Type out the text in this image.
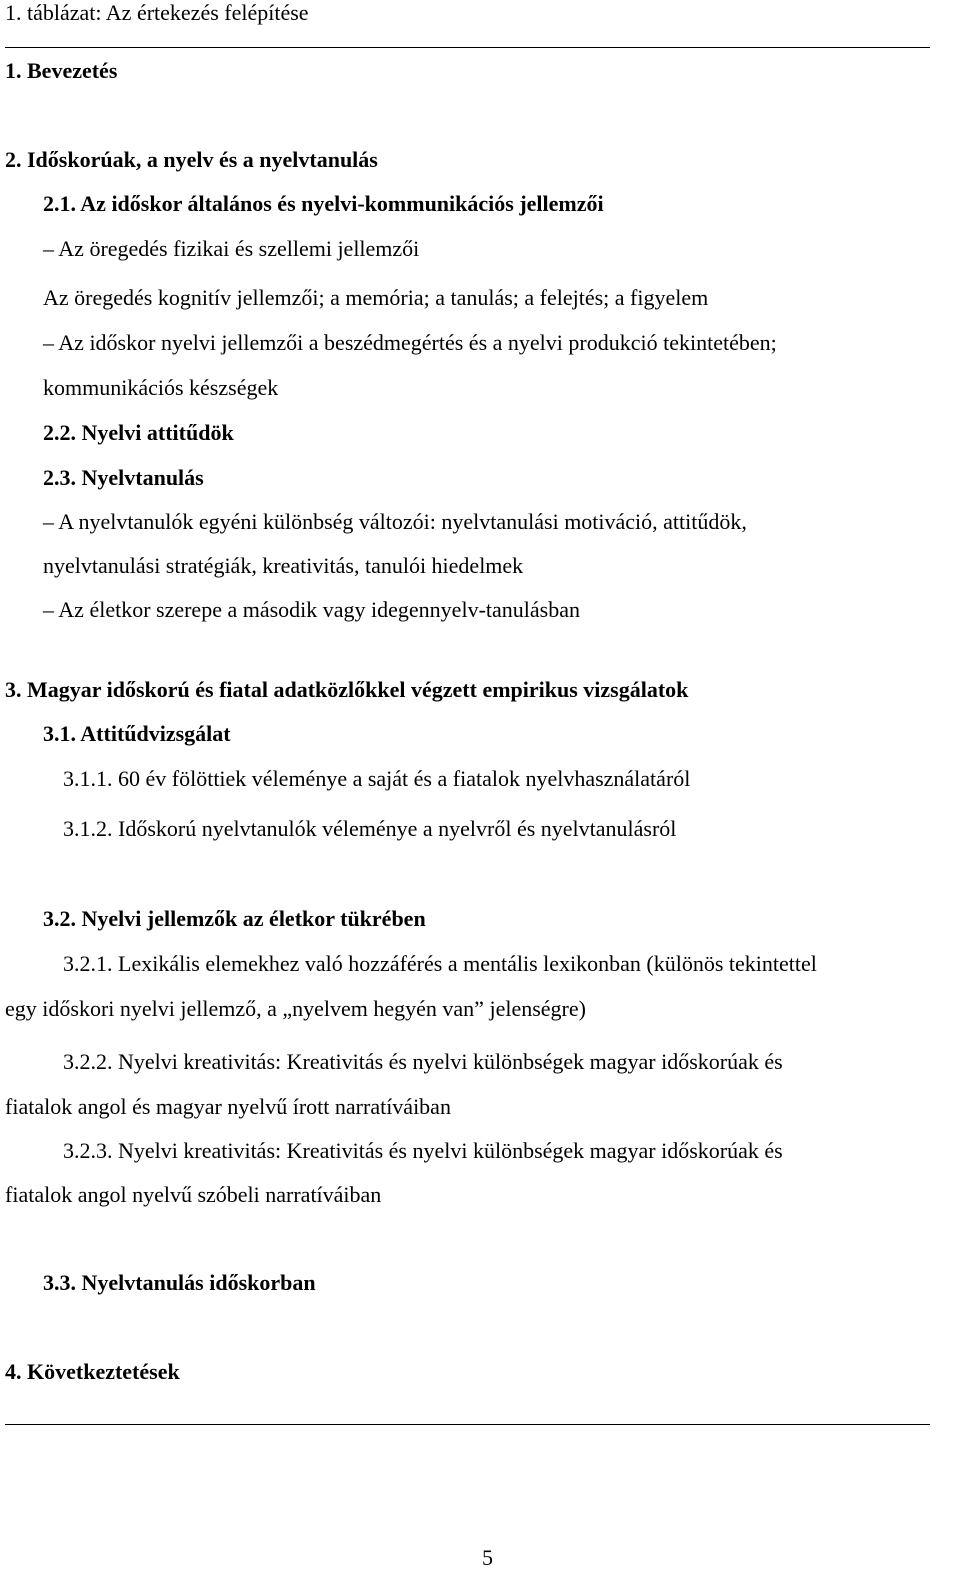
1. táblázat: Az értekezés felépítése
1. Bevezetés
2. Időskorúak, a nyelv és a nyelvtanulás
2.1. Az időskor általános és nyelvi-kommunikációs jellemzői
– Az öregedés fizikai és szellemi jellemzői
Az öregedés kognitív jellemzői; a memória; a tanulás; a felejtés; a figyelem
– Az időskor nyelvi jellemzői a beszédmegértés és a nyelvi produkció tekintetében;
kommunikációs készségek
2.2. Nyelvi attitűdök
2.3. Nyelvtanulás
– A nyelvtanulók egyéni különbség változói: nyelvtanulási motiváció, attitűdök,
nyelvtanulási stratégiák, kreativitás, tanulói hiedelmek
– Az életkor szerepe a második vagy idegennyelv-tanulásban
3. Magyar időskorú és fiatal adatközlőkkel végzett empirikus vizsgálatok
3.1. Attitűdvizsgálat
3.1.1. 60 év fölöttiek véleménye a saját és a fiatalok nyelvhasználatáról
3.1.2. Időskorú nyelvtanulók véleménye a nyelvről és nyelvtanulásról
3.2. Nyelvi jellemzők az életkor tükrében
3.2.1. Lexikális elemekhez való hozzáférés a mentális lexikonban (különös tekintettel
egy időskori nyelvi jellemző, a „nyelvem hegyén van” jelenségre)
3.2.2. Nyelvi kreativitás: Kreativitás és nyelvi különbségek magyar időskorúak és
fiatalok angol és magyar nyelvű írott narratíváiban
3.2.3. Nyelvi kreativitás: Kreativitás és nyelvi különbségek magyar időskorúak és
fiatalok angol nyelvű szóbeli narratíváiban
3.3. Nyelvtanulás időskorban
4. Következtetések
5
